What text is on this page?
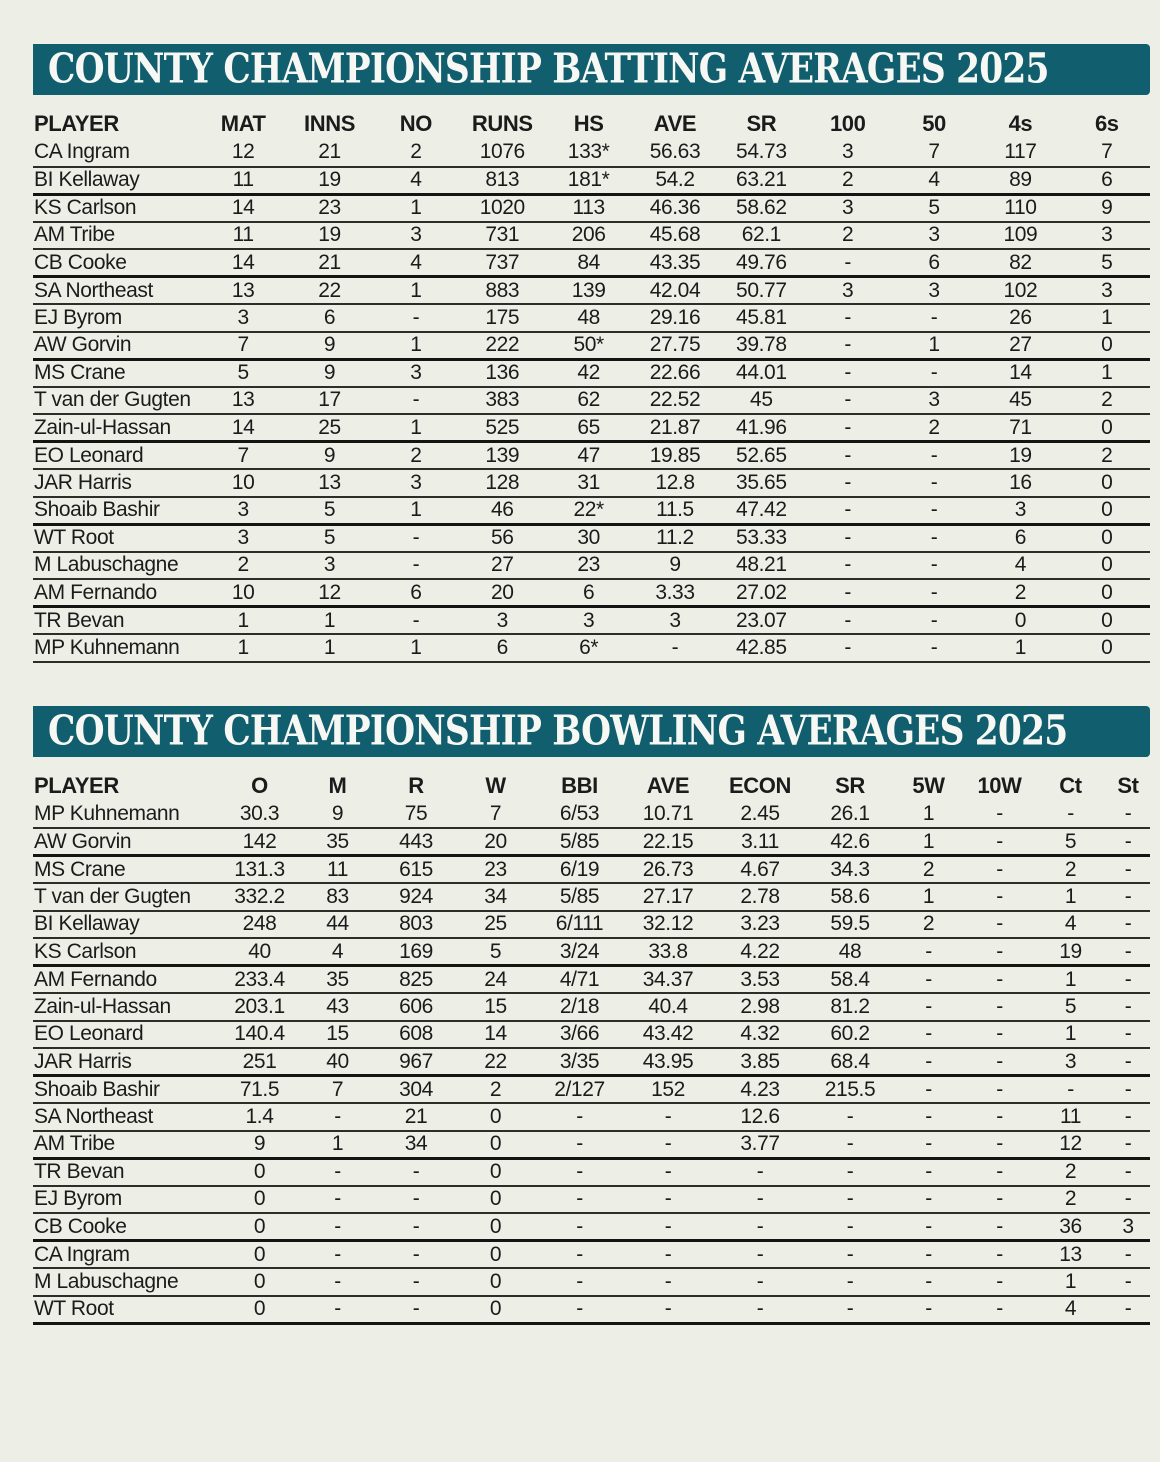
COUNTY CHAMPIONSHIP BATTING AVERAGES 2025
PLAYER	MAT	INNS	NO	RUNS	HS	AVE	SR	100	50	4s	6s
CA Ingram	12	21	2	1076	133*	56.63	54.73	3	7	117	7
BI Kellaway	11	19	4	813	181*	54.2	63.21	2	4	89	6
KS Carlson	14	23	1	1020	113	46.36	58.62	3	5	110	9
AM Tribe	11	19	3	731	206	45.68	62.1	2	3	109	3
CB Cooke	14	21	4	737	84	43.35	49.76	-	6	82	5
SA Northeast	13	22	1	883	139	42.04	50.77	3	3	102	3
EJ Byrom	3	6	-	175	48	29.16	45.81	-	-	26	1
AW Gorvin	7	9	1	222	50*	27.75	39.78	-	1	27	0
MS Crane	5	9	3	136	42	22.66	44.01	-	-	14	1
T van der Gugten	13	17	-	383	62	22.52	45	-	3	45	2
Zain-ul-Hassan	14	25	1	525	65	21.87	41.96	-	2	71	0
EO Leonard	7	9	2	139	47	19.85	52.65	-	-	19	2
JAR Harris	10	13	3	128	31	12.8	35.65	-	-	16	0
Shoaib Bashir	3	5	1	46	22*	11.5	47.42	-	-	3	0
WT Root	3	5	-	56	30	11.2	53.33	-	-	6	0
M Labuschagne	2	3	-	27	23	9	48.21	-	-	4	0
AM Fernando	10	12	6	20	6	3.33	27.02	-	-	2	0
TR Bevan	1	1	-	3	3	3	23.07	-	-	0	0
MP Kuhnemann	1	1	1	6	6*	-	42.85	-	-	1	0
COUNTY CHAMPIONSHIP BOWLING AVERAGES 2025
PLAYER	O	M	R	W	BBI	AVE	ECON	SR	5W	10W	Ct	St
MP Kuhnemann	30.3	9	75	7	6/53	10.71	2.45	26.1	1	-	-	-
AW Gorvin	142	35	443	20	5/85	22.15	3.11	42.6	1	-	5	-
MS Crane	131.3	11	615	23	6/19	26.73	4.67	34.3	2	-	2	-
T van der Gugten	332.2	83	924	34	5/85	27.17	2.78	58.6	1	-	1	-
BI Kellaway	248	44	803	25	6/111	32.12	3.23	59.5	2	-	4	-
KS Carlson	40	4	169	5	3/24	33.8	4.22	48	-	-	19	-
AM Fernando	233.4	35	825	24	4/71	34.37	3.53	58.4	-	-	1	-
Zain-ul-Hassan	203.1	43	606	15	2/18	40.4	2.98	81.2	-	-	5	-
EO Leonard	140.4	15	608	14	3/66	43.42	4.32	60.2	-	-	1	-
JAR Harris	251	40	967	22	3/35	43.95	3.85	68.4	-	-	3	-
Shoaib Bashir	71.5	7	304	2	2/127	152	4.23	215.5	-	-	-	-
SA Northeast	1.4	-	21	0	-	-	12.6	-	-	-	11	-
AM Tribe	9	1	34	0	-	-	3.77	-	-	-	12	-
TR Bevan	0	-	-	0	-	-	-	-	-	-	2	-
EJ Byrom	0	-	-	0	-	-	-	-	-	-	2	-
CB Cooke	0	-	-	0	-	-	-	-	-	-	36	3
CA Ingram	0	-	-	0	-	-	-	-	-	-	13	-
M Labuschagne	0	-	-	0	-	-	-	-	-	-	1	-
WT Root	0	-	-	0	-	-	-	-	-	-	4	-
